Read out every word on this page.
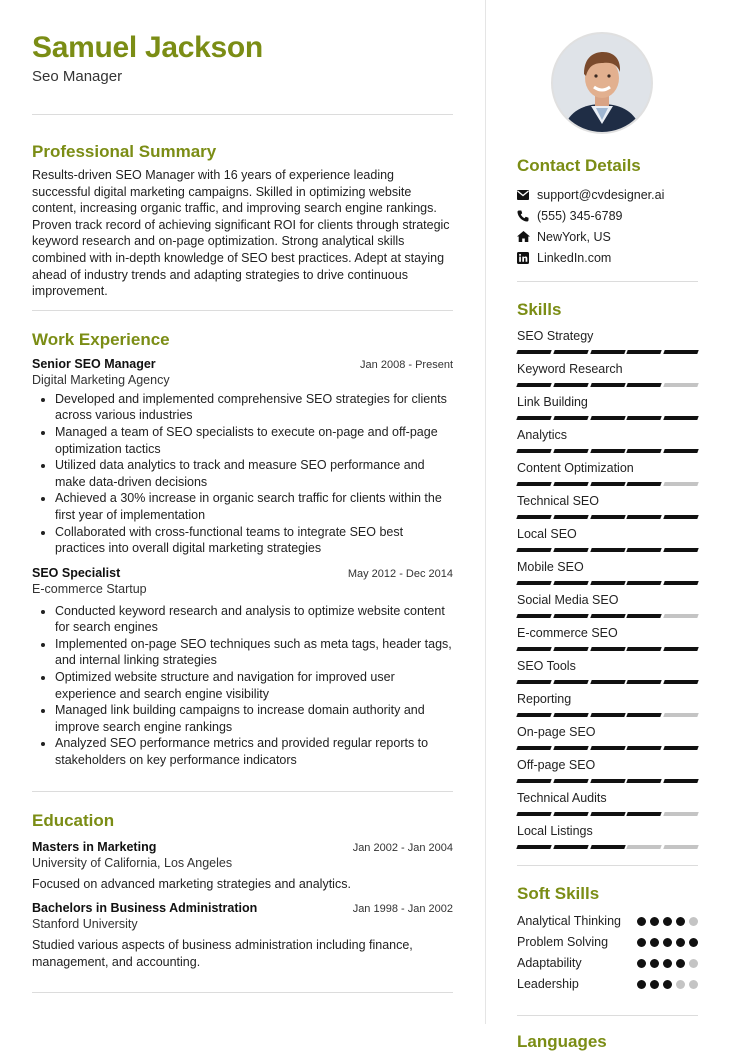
Samuel Jackson
Seo Manager
Professional Summary

Results-driven SEO Manager with 16 years of experience leading successful digital marketing campaigns. Skilled in optimizing website content, increasing organic traffic, and improving search engine rankings. Proven track record of achieving significant ROI for clients through strategic keyword research and on-page optimization. Strong analytical skills combined with in-depth knowledge of SEO best practices. Adept at staying ahead of industry trends and adapting strategies to drive continuous improvement.

Work Experience
Senior SEO Manager	Jan 2008 - Present
Digital Marketing Agency
• Developed and implemented comprehensive SEO strategies for clients across various industries
• Managed a team of SEO specialists to execute on-page and off-page optimization tactics
• Utilized data analytics to track and measure SEO performance and make data-driven decisions
• Achieved a 30% increase in organic search traffic for clients within the first year of implementation
• Collaborated with cross-functional teams to integrate SEO best practices into overall digital marketing strategies
SEO Specialist	May 2012 - Dec 2014
E-commerce Startup
• Conducted keyword research and analysis to optimize website content for search engines
• Implemented on-page SEO techniques such as meta tags, header tags, and internal linking strategies
• Optimized website structure and navigation for improved user experience and search engine visibility
• Managed link building campaigns to increase domain authority and improve search engine rankings
• Analyzed SEO performance metrics and provided regular reports to stakeholders on key performance indicators
Education
Masters in Marketing	Jan 2002 - Jan 2004
University of California, Los Angeles
Focused on advanced marketing strategies and analytics.
Bachelors in Business Administration	Jan 1998 - Jan 2002
Stanford University
Studied various aspects of business administration including finance, management, and accounting.
Contact Details
support@cvdesigner.ai
(555) 345-6789
NewYork, US
LinkedIn.com
Skills
SEO Strategy
Keyword Research
Link Building
Analytics
Content Optimization
Technical SEO
Local SEO
Mobile SEO
Social Media SEO
E-commerce SEO
SEO Tools
Reporting
On-page SEO
Off-page SEO
Technical Audits
Local Listings
Soft Skills
Analytical Thinking
Problem Solving
Adaptability
Leadership
Languages
